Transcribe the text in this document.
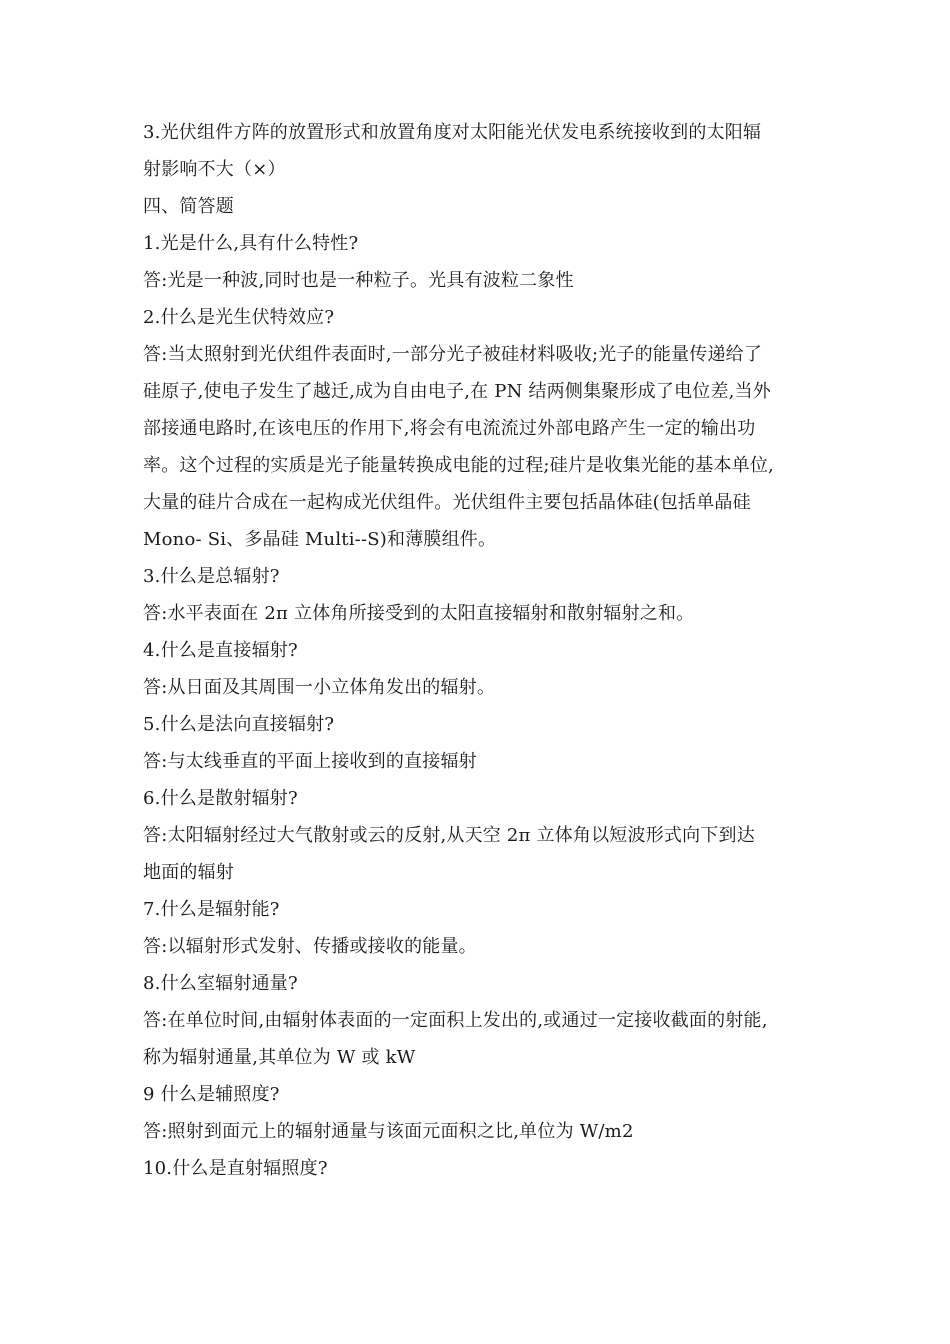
3.光伏组件方阵的放置形式和放置角度对太阳能光伏发电系统接收到的太阳辐
射影响不大（×）
四、简答题
1.光是什么,具有什么特性?
答:光是一种波,同时也是一种粒子。光具有波粒二象性
2.什么是光生伏特效应?
答:当太照射到光伏组件表面时,一部分光子被硅材料吸收;光子的能量传递给了
硅原子,使电子发生了越迁,成为自由电子,在 PN 结两侧集聚形成了电位差,当外
部接通电路时,在该电压的作用下,将会有电流流过外部电路产生一定的输出功
率。这个过程的实质是光子能量转换成电能的过程;硅片是收集光能的基本单位,
大量的硅片合成在一起构成光伏组件。光伏组件主要包括晶体硅(包括单晶硅
Mono- Si、多晶硅 Multi--S)和薄膜组件。
3.什么是总辐射?
答:水平表面在 2π 立体角所接受到的太阳直接辐射和散射辐射之和。
4.什么是直接辐射?
答:从日面及其周围一小立体角发出的辐射。
5.什么是法向直接辐射?
答:与太线垂直的平面上接收到的直接辐射
6.什么是散射辐射?
答:太阳辐射经过大气散射或云的反射,从天空 2π 立体角以短波形式向下到达
地面的辐射
7.什么是辐射能?
答:以辐射形式发射、传播或接收的能量。
8.什么室辐射通量?
答:在单位时间,由辐射体表面的一定面积上发出的,或通过一定接收截面的射能,
称为辐射通量,其单位为 W 或 kW
9 什么是辅照度?
答:照射到面元上的辐射通量与该面元面积之比,单位为 W/m2
10.什么是直射辐照度?
